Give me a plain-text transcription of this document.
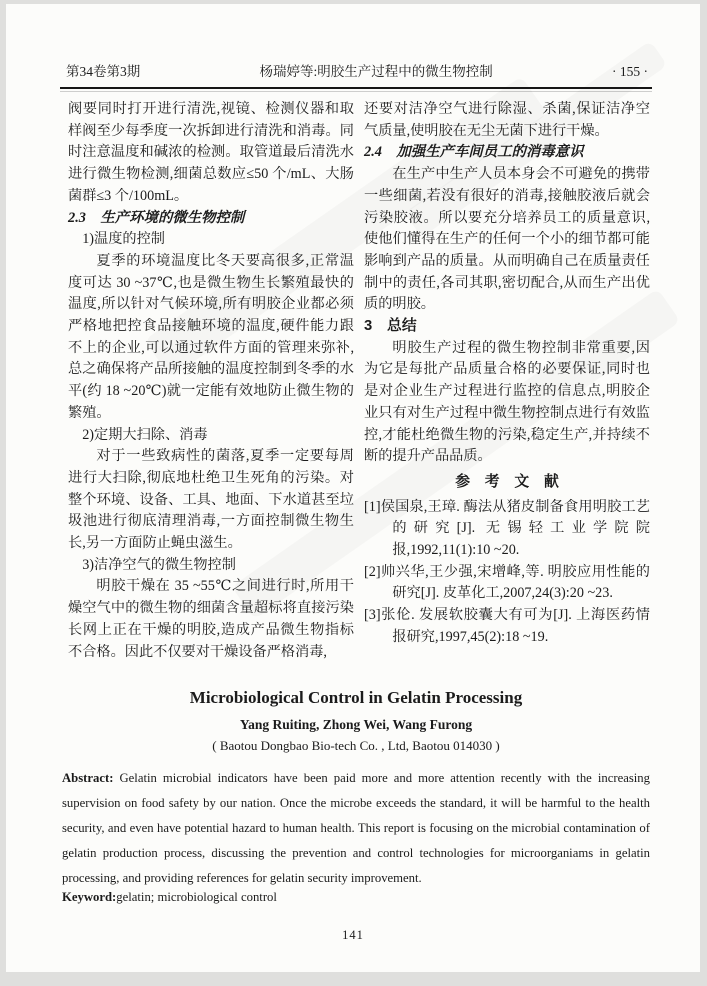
第34卷第3期	杨瑞婷等:明胶生产过程中的微生物控制	· 155 ·
阀要同时打开进行清洗,视镜、检测仪器和取样阀至少每季度一次拆卸进行清洗和消毒。同时注意温度和碱浓的检测。取管道最后清洗水进行微生物检测,细菌总数应≤50 个/mL、大肠菌群≤3 个/100mL。
2.3　生产环境的微生物控制
1)温度的控制
夏季的环境温度比冬天要高很多,正常温度可达 30 ~37℃,也是微生物生长繁殖最快的温度,所以针对气候环境,所有明胶企业都必须严格地把控食品接触环境的温度,硬件能力跟不上的企业,可以通过软件方面的管理来弥补,总之确保将产品所接触的温度控制到冬季的水平(约 18 ~20℃)就一定能有效地防止微生物的繁殖。
2)定期大扫除、消毒
对于一些致病性的菌落,夏季一定要每周进行大扫除,彻底地杜绝卫生死角的污染。对整个环境、设备、工具、地面、下水道甚至垃圾池进行彻底清理消毒,一方面控制微生物生长,另一方面防止蝇虫滋生。
3)洁净空气的微生物控制
明胶干燥在 35 ~55℃之间进行时,所用干燥空气中的微生物的细菌含量超标将直接污染长网上正在干燥的明胶,造成产品微生物指标不合格。因此不仅要对干燥设备严格消毒,
还要对洁净空气进行除湿、杀菌,保证洁净空气质量,使明胶在无尘无菌下进行干燥。
2.4　加强生产车间员工的消毒意识
在生产中生产人员本身会不可避免的携带一些细菌,若没有很好的消毒,接触胶液后就会污染胶液。所以要充分培养员工的质量意识,使他们懂得在生产的任何一个小的细节都可能影响到产品的质量。从而明确自己在质量责任制中的责任,各司其职,密切配合,从而生产出优质的明胶。
3　总结
明胶生产过程的微生物控制非常重要,因为它是每批产品质量合格的必要保证,同时也是对企业生产过程进行监控的信息点,明胶企业只有对生产过程中微生物控制点进行有效监控,才能杜绝微生物的污染,稳定生产,并持续不断的提升产品品质。
参　考　文　献
[1]侯国泉,王璋. 酶法从猪皮制备食用明胶工艺的研究[J]. 无锡轻工业学院院报,1992,11(1):10 ~20.
[2]帅兴华,王少强,宋增峰,等. 明胶应用性能的研究[J]. 皮革化工,2007,24(3):20 ~23.
[3]张伦. 发展软胶囊大有可为[J]. 上海医药情报研究,1997,45(2):18 ~19.
Microbiological Control in Gelatin Processing
Yang Ruiting, Zhong Wei, Wang Furong
( Baotou Dongbao Bio-tech Co. , Ltd, Baotou 014030 )
Abstract: Gelatin microbial indicators have been paid more and more attention recently with the increasing supervision on food safety by our nation. Once the microbe exceeds the standard, it will be harmful to the health security, and even have potential hazard to human health. This report is focusing on the microbial contamination of gelatin production process, discussing the prevention and control technologies for microorganiams in gelatin processing, and providing references for gelatin security improvement.
Keyword:gelatin; microbiological control
141
